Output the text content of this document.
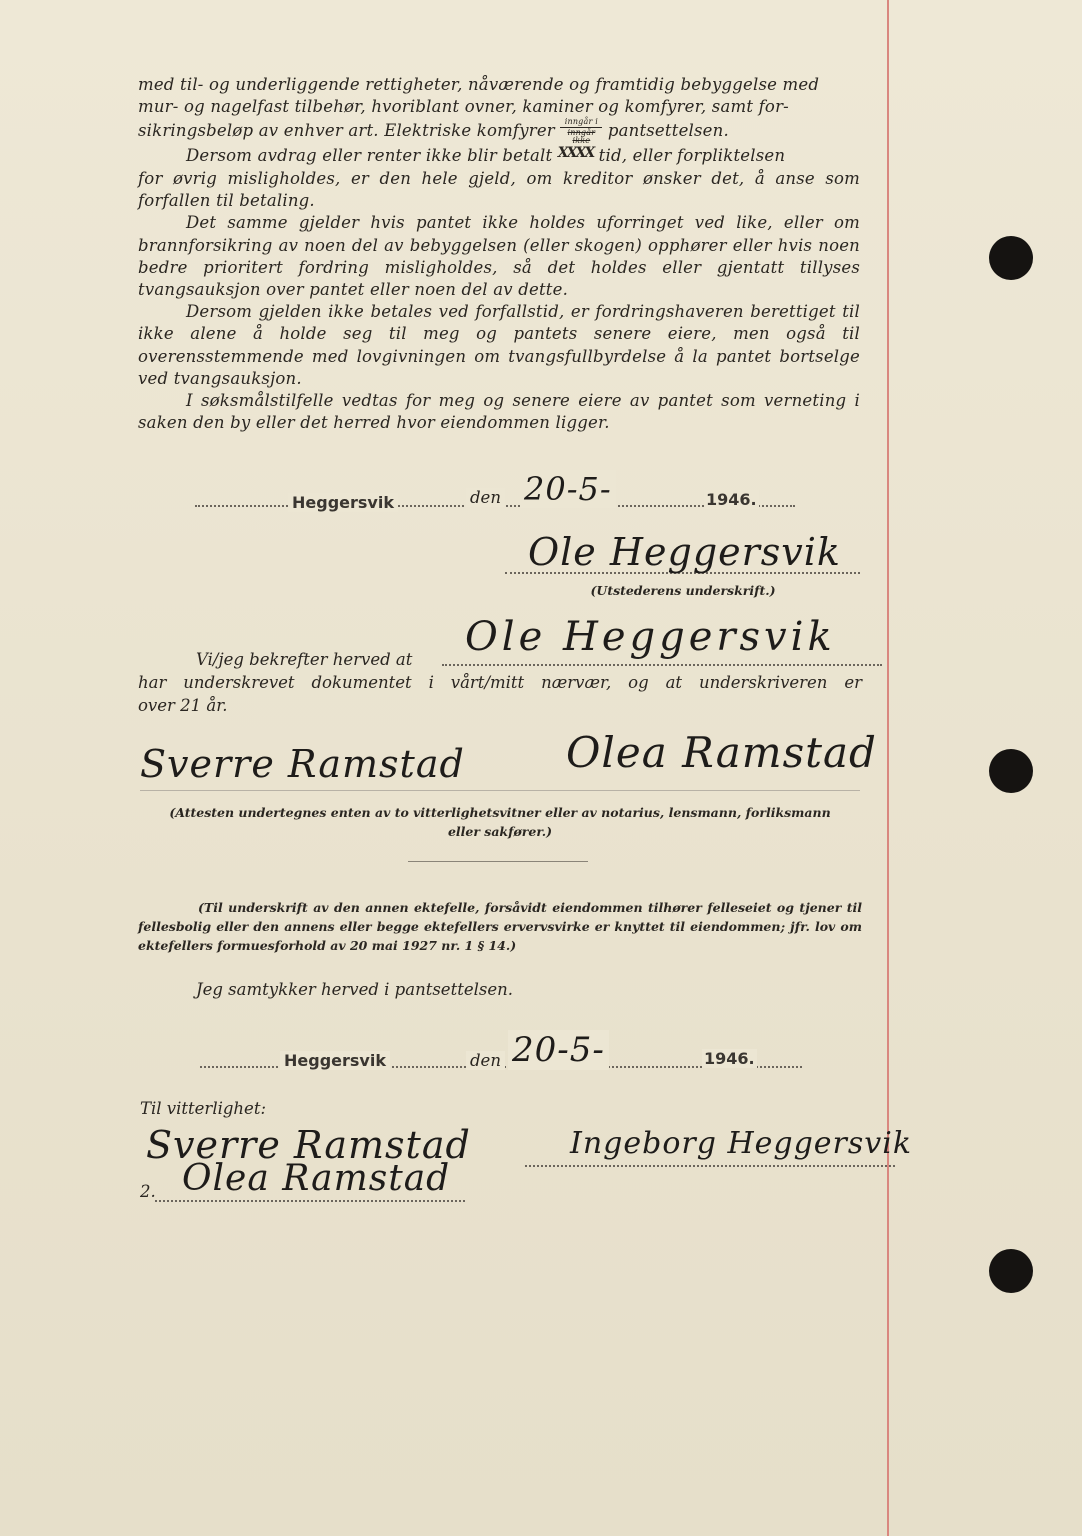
med til- og underliggende rettigheter, nåværende og framtidig bebyggelse med

mur- og nagelfast tilbehør, hvoriblant ovner, kaminer og komfyrer, samt for-

sikringsbeløp av enhver art. Elektriske komfyrer $\frac{\text{inngår i}}{\text{inngår ikke}}$ pantsettelsen.

Dersom avdrag eller renter ikke blir betalt $^{XXXX}$ tid, eller forpliktelsen

for øvrig misligholdes, er den hele gjeld, om kreditor ønsker det, å anse som forfallen til betaling.

Det samme gjelder hvis pantet ikke holdes uforringet ved like, eller om brannforsikring av noen del av bebyggelsen (eller skogen) opphører eller hvis noen bedre prioritert fordring misligholdes, så det holdes eller gjentatt tillyses tvangsauksjon over pantet eller noen del av dette.

Dersom gjelden ikke betales ved forfallstid, er fordringshaveren berettiget til ikke alene å holde seg til meg og pantets senere eiere, men også til overensstemmende med lovgivningen om tvangsfullbyrdelse å la pantet bortselge ved tvangsauksjon.

I søksmålstilfelle vedtas for meg og senere eiere av pantet som verneting i saken den by eller det herred hvor eiendommen ligger.

Heggersvik	den 20-5-	1946.
Ole Heggersvik
(Utstederens underskrift.)
Vi/jeg bekrefter herved at Ole Heggersvik
har underskrevet dokumentet i vårt/mitt nærvær, og at underskriveren er
over 21 år.
Sverre Ramstad Olea Ramstad
(Attesten undertegnes enten av to vitterlighetsvitner eller av notarius, lensmann, forliksmann
eller sakfører.)
(Til underskrift av den annen ektefelle, forsåvidt eiendommen tilhører felleseiet og tjener til fellesbolig eller den annens eller begge ektefellers ervervsvirke er knyttet til eiendommen; jfr. lov om ektefellers formuesforhold av 20 mai 1927 nr. 1 § 14.)
Jeg samtykker herved i pantsettelsen.
Heggersvik	den 20-5-	1946.
Til vitterlighet:
Sverre Ramstad	Ingeborg Heggersvik
2. Olea Ramstad
